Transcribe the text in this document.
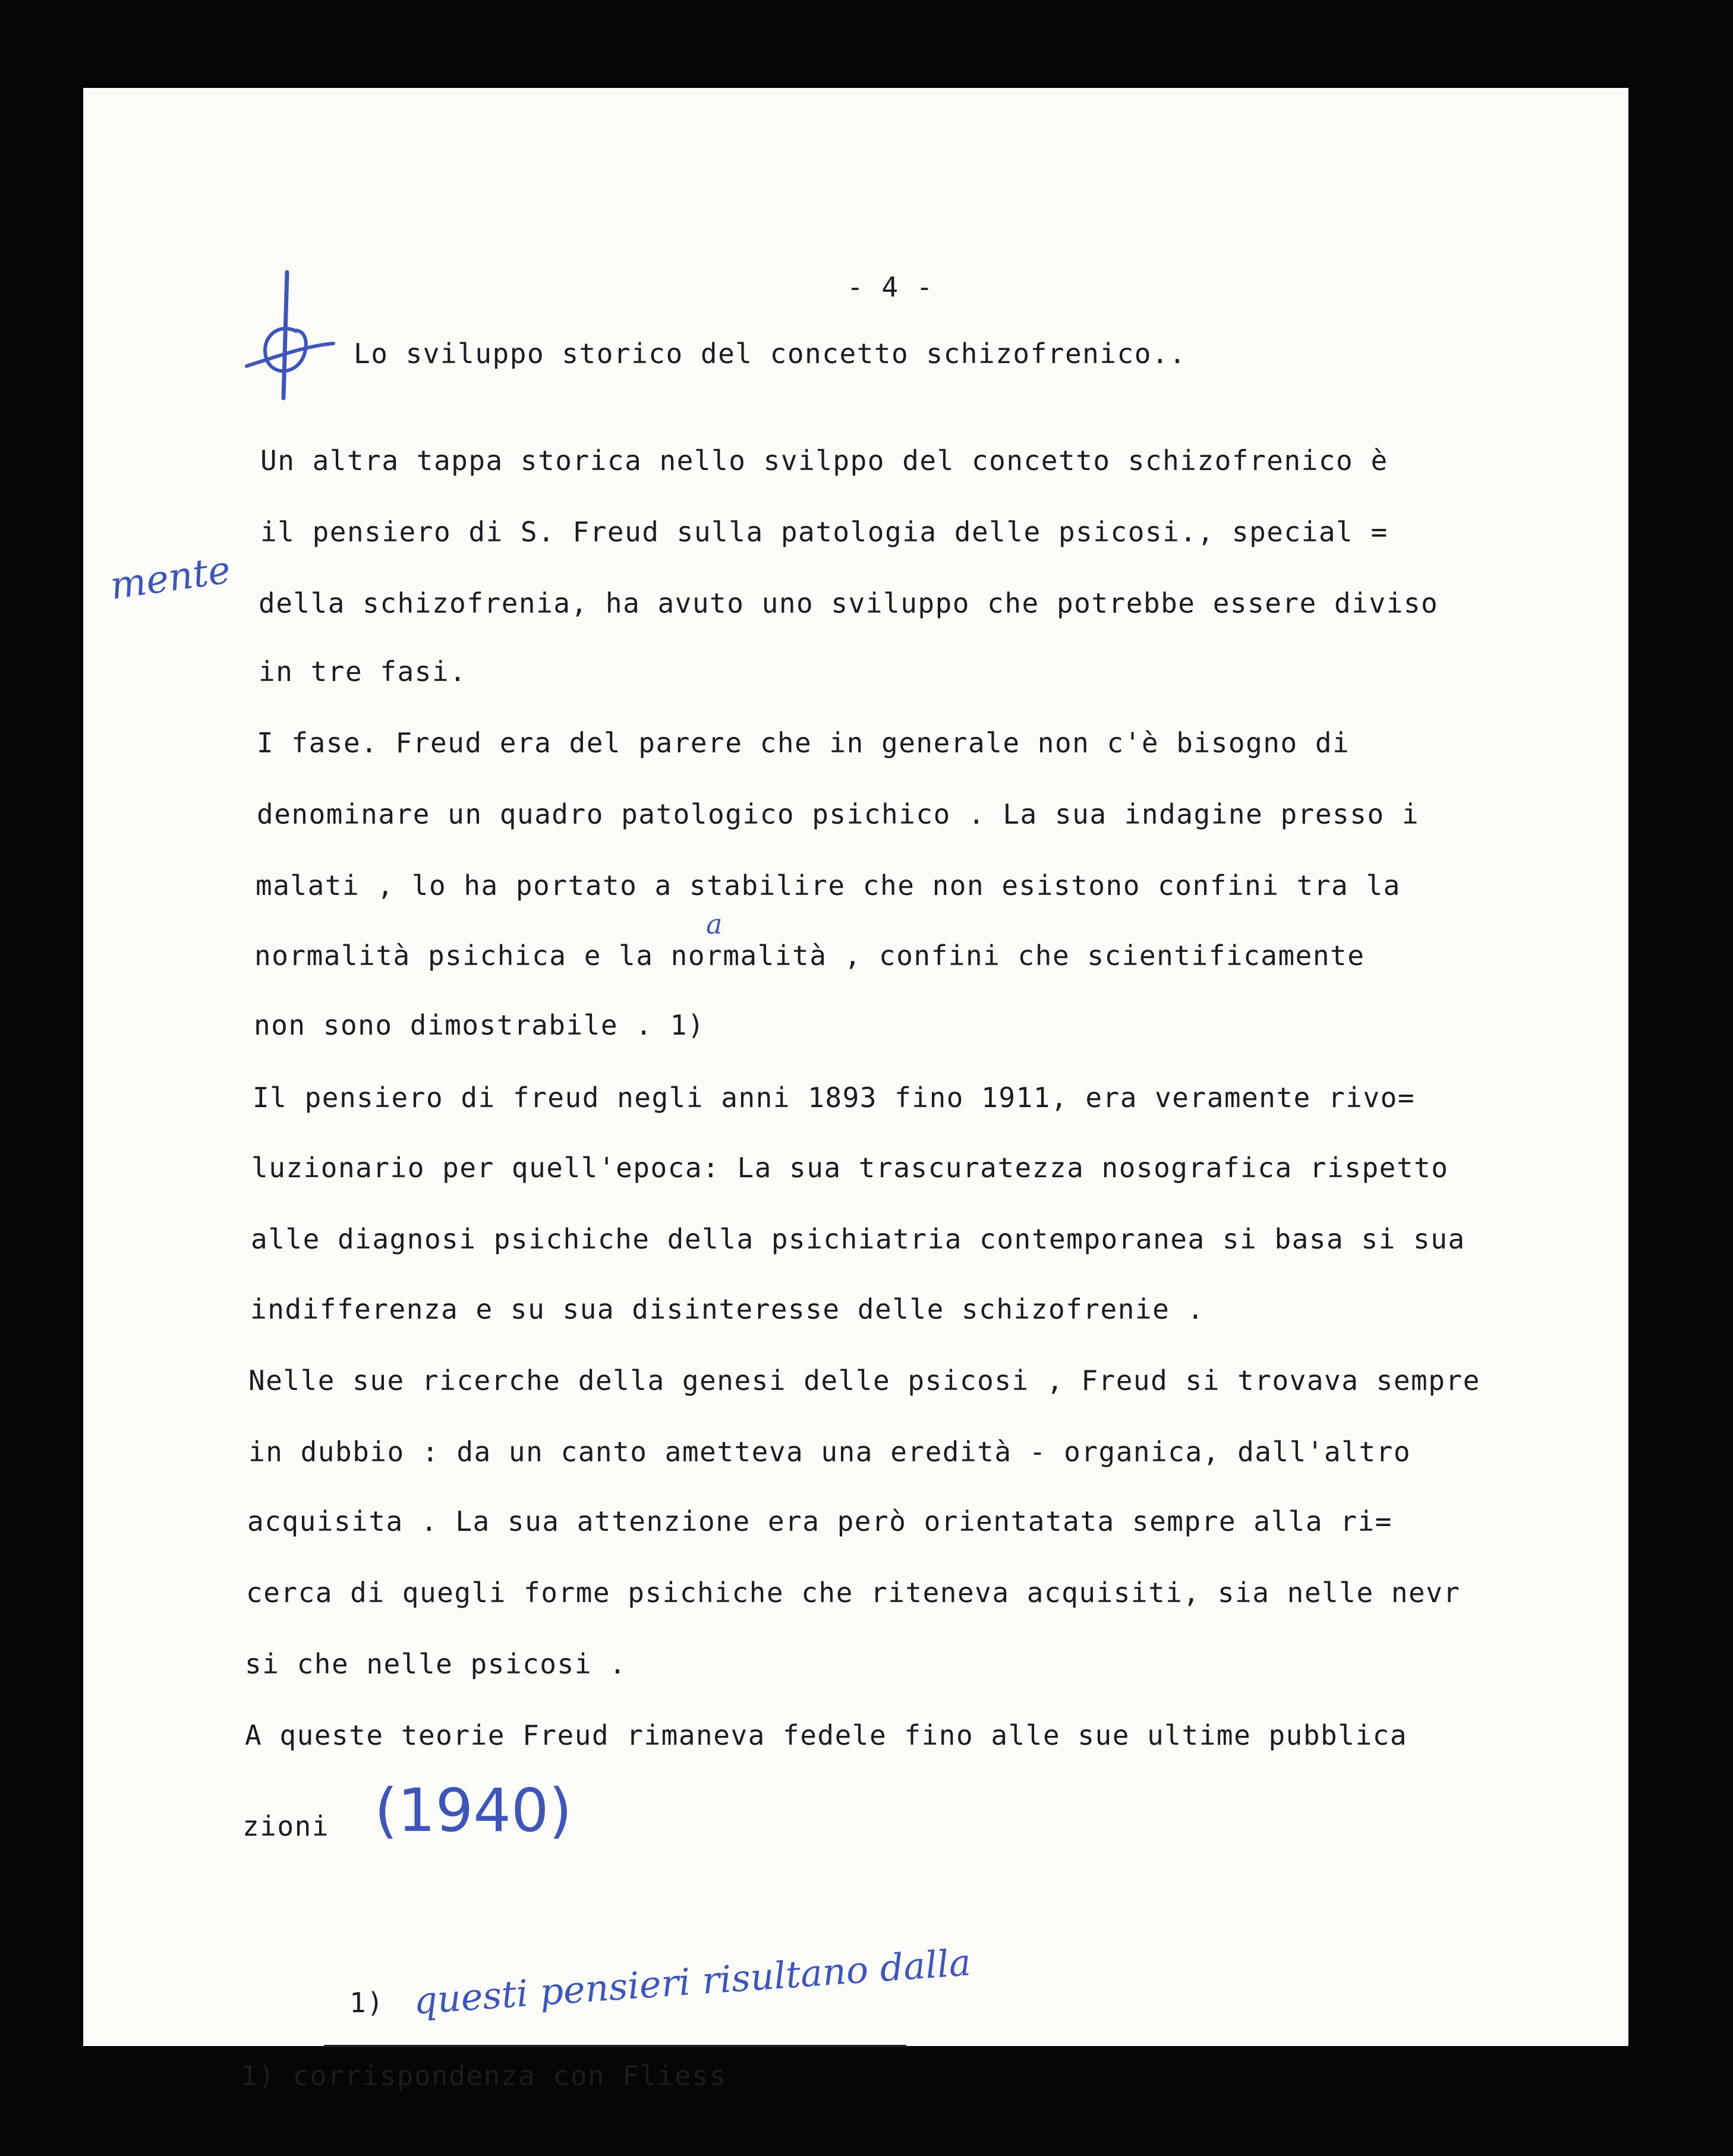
- 4 -
Lo sviluppo storico del concetto schizofrenico..
mente
Un altra tappa storica nello svilppo del concetto schizofrenico è
il pensiero di S. Freud sulla patologia delle psicosi., special =
della schizofrenia, ha avuto uno sviluppo che potrebbe essere diviso
in tre fasi.
I fase. Freud era del parere che in generale non c'è bisogno di
denominare un quadro patologico psichico . La sua indagine presso i
malati , lo ha portato a stabilire che non esistono confini tra la
a
normalità psichica e la normalità , confini che scientificamente
non sono dimostrabile . 1)
Il pensiero di freud negli anni 1893 fino 1911, era veramente rivo=
luzionario per quell'epoca: La sua trascuratezza nosografica rispetto
alle diagnosi psichiche della psichiatria contemporanea si basa si sua
indifferenza e su sua disinteresse delle schizofrenie .
Nelle sue ricerche della genesi delle psicosi , Freud si trovava sempre
in dubbio : da un canto ametteva una eredità - organica, dall'altro
acquisita . La sua attenzione era però orientatata sempre alla ri=
cerca di quegli forme psichiche che riteneva acquisiti, sia nelle nevr
si che nelle psicosi .
A queste teorie Freud rimaneva fedele fino alle sue ultime pubblica
zioni (1940)
1) questi pensieri risultano dalla
1) corrispondenza con Fliess
